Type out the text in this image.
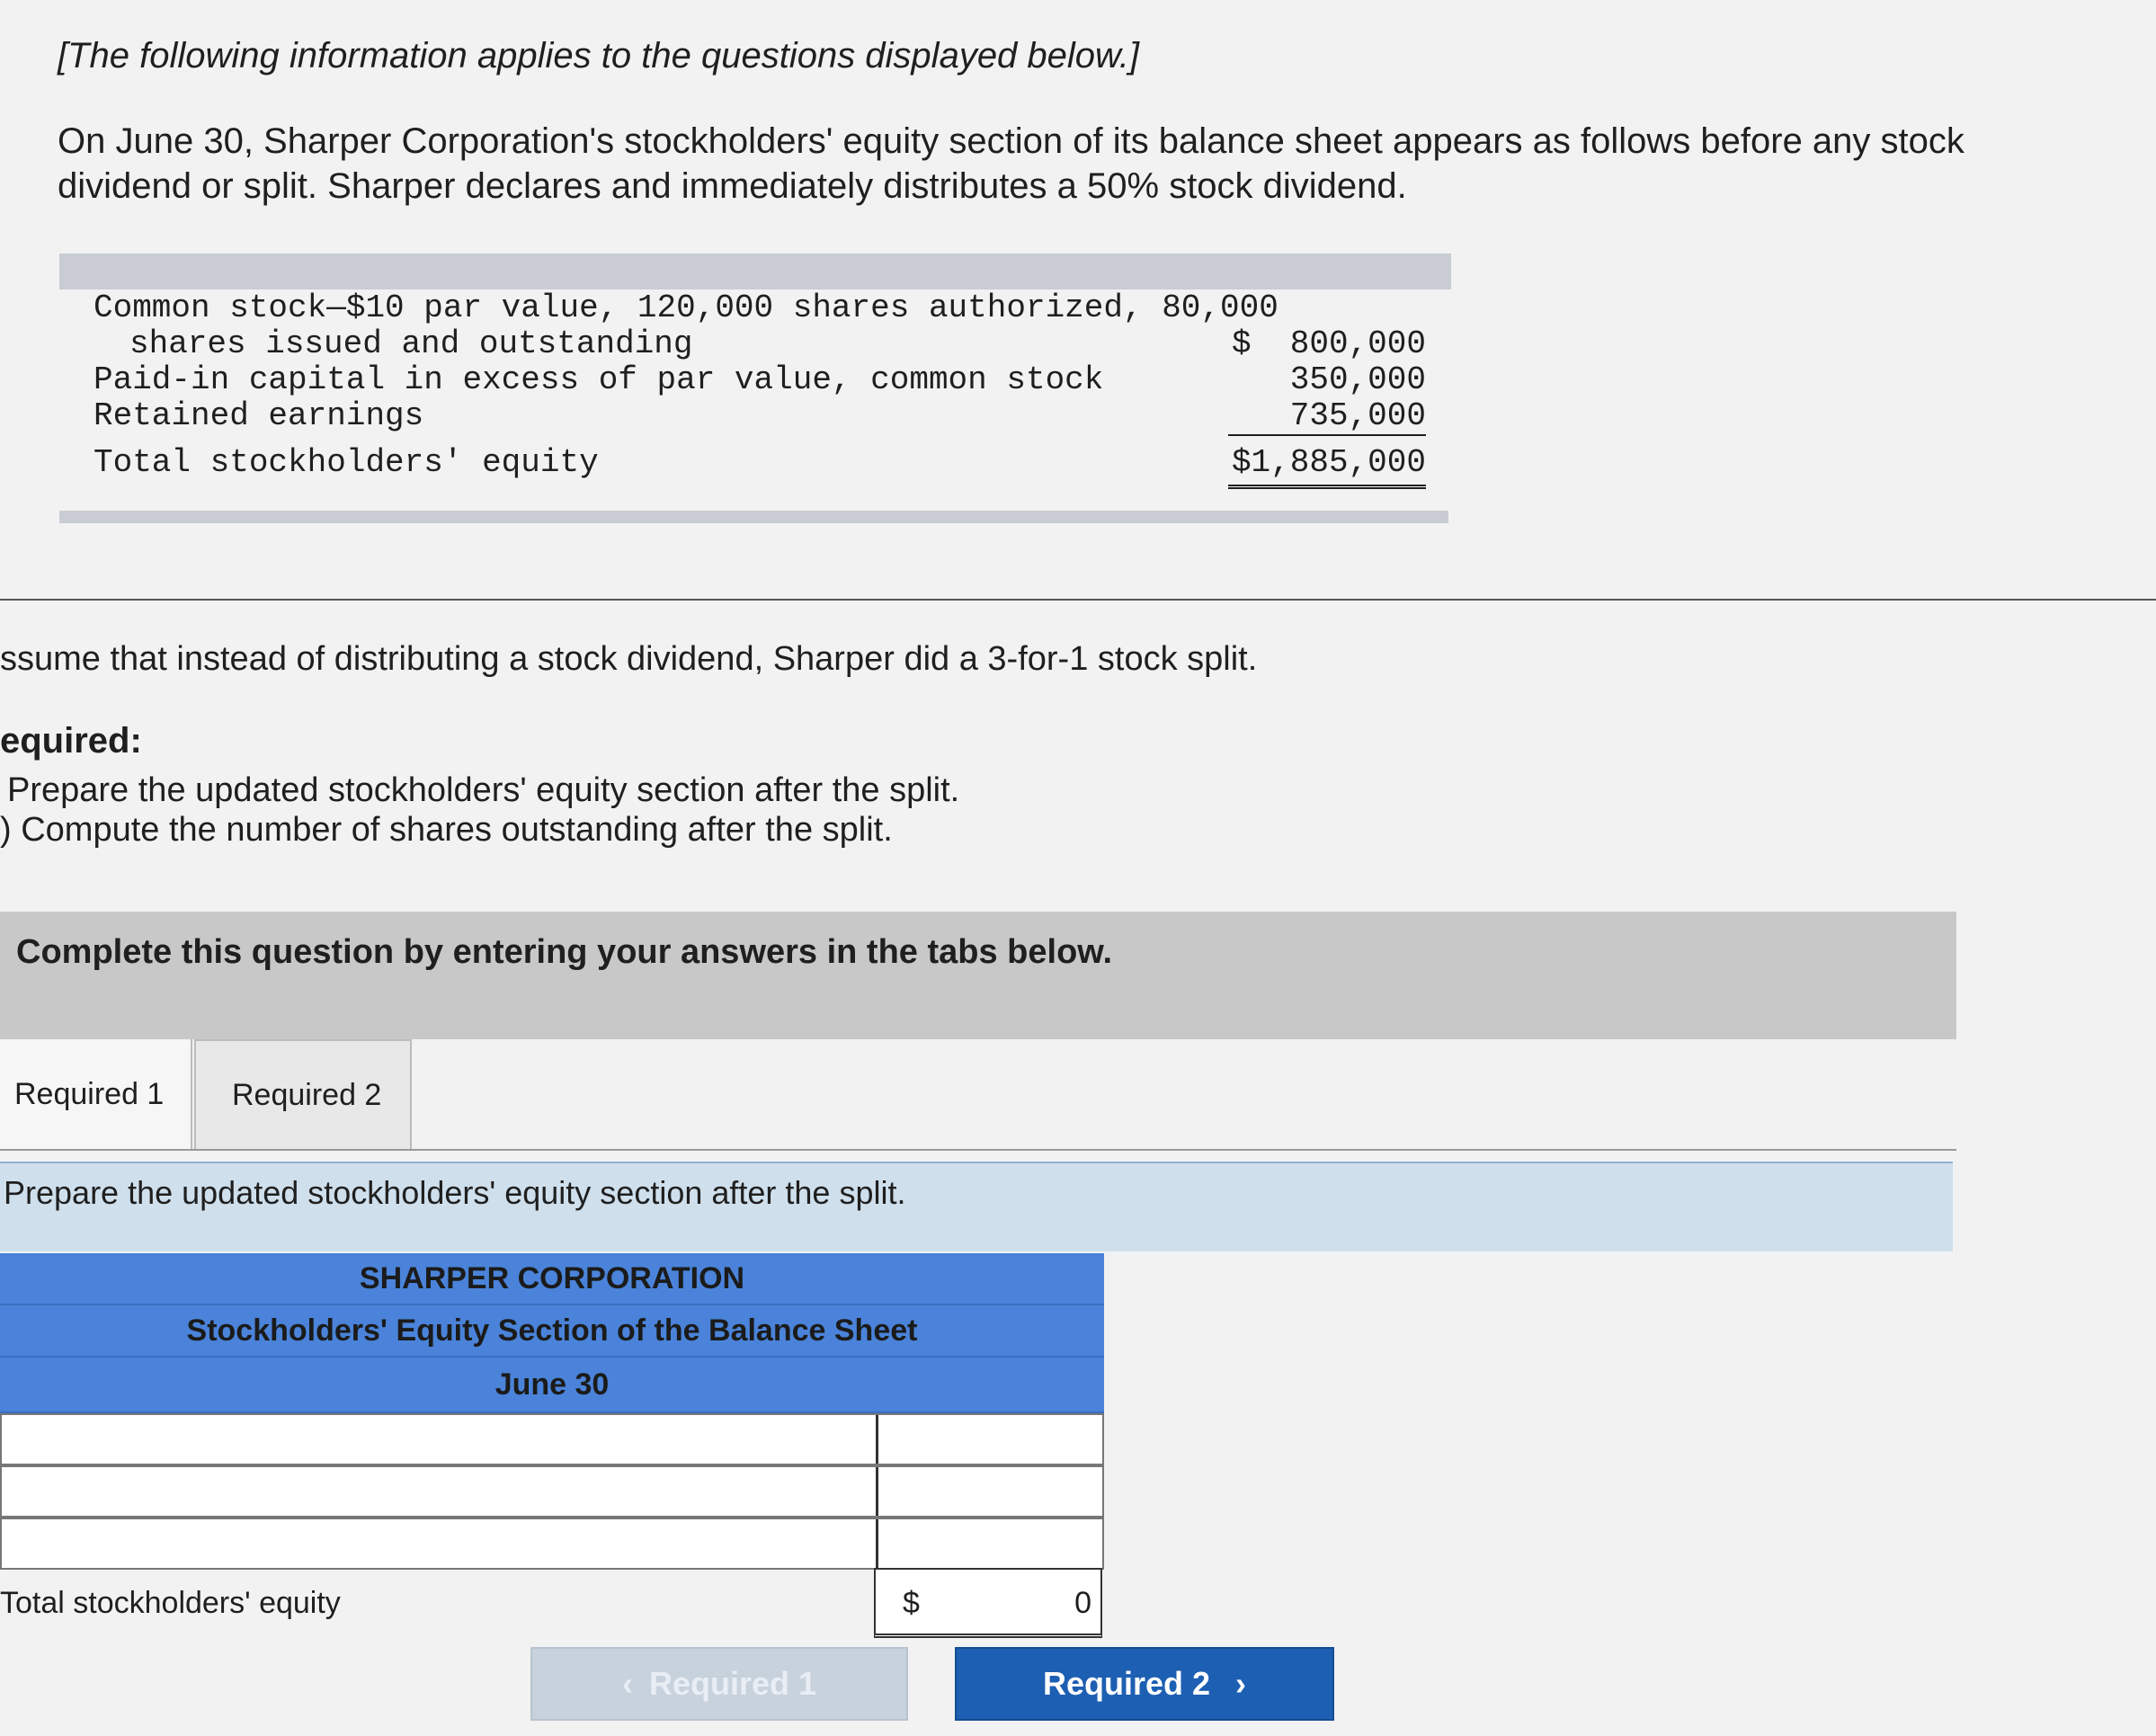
[The following information applies to the questions displayed below.]
On June 30, Sharper Corporation's stockholders' equity section of its balance sheet appears as follows before any stock dividend or split. Sharper declares and immediately distributes a 50% stock dividend.
Common stock—$10 par value, 120,000 shares authorized, 80,000
shares issued and outstanding	$  800,000
Paid-in capital in excess of par value, common stock	350,000
Retained earnings	735,000
Total stockholders' equity	$1,885,000
ssume that instead of distributing a stock dividend, Sharper did a 3-for-1 stock split.
equired:
Prepare the updated stockholders' equity section after the split.
) Compute the number of shares outstanding after the split.
Complete this question by entering your answers in the tabs below.
Required 1 Required 2
Prepare the updated stockholders' equity section after the split.
SHARPER CORPORATION
Stockholders' Equity Section of the Balance Sheet
June 30
Total stockholders' equity	$	0
‹ Required 1	Required 2 ›
